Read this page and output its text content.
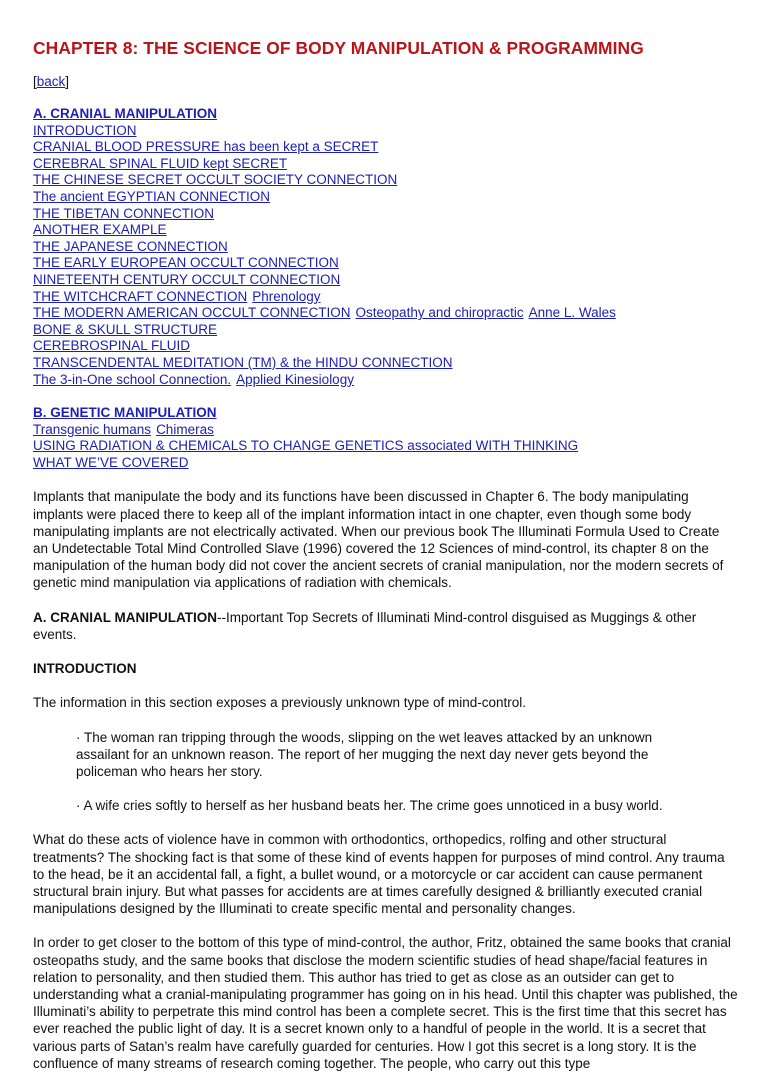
CHAPTER 8: THE SCIENCE OF BODY MANIPULATION & PROGRAMMING
[back]
A. CRANIAL MANIPULATION
INTRODUCTION
CRANIAL BLOOD PRESSURE has been kept a SECRET
CEREBRAL SPINAL FLUID kept SECRET
THE CHINESE SECRET OCCULT SOCIETY CONNECTION
The ancient EGYPTIAN CONNECTION
THE TIBETAN CONNECTION
ANOTHER EXAMPLE
THE JAPANESE CONNECTION
THE EARLY EUROPEAN OCCULT CONNECTION
NINETEENTH CENTURY OCCULT CONNECTION
THE WITCHCRAFT CONNECTION Phrenology
THE MODERN AMERICAN OCCULT CONNECTION Osteopathy and chiropractic Anne L. Wales
BONE & SKULL STRUCTURE
CEREBROSPINAL FLUID
TRANSCENDENTAL MEDITATION (TM) & the HINDU CONNECTION
The 3-in-One school Connection. Applied Kinesiology
B. GENETIC MANIPULATION
Transgenic humans Chimeras
USING RADIATION & CHEMICALS TO CHANGE GENETICS associated WITH THINKING
WHAT WE’VE COVERED

Implants that manipulate the body and its functions have been discussed in Chapter 6. The body manipulating implants were placed there to keep all of the implant information intact in one chapter, even though some body manipulating implants are not electrically activated. When our previous book The Illuminati Formula Used to Create an Undetectable Total Mind Controlled Slave (1996) covered the 12 Sciences of mind-control, its chapter 8 on the manipulation of the human body did not cover the ancient secrets of cranial manipulation, nor the modern secrets of genetic mind manipulation via applications of radiation with chemicals.

A. CRANIAL MANIPULATION--Important Top Secrets of Illuminati Mind-control disguised as Muggings & other events.

INTRODUCTION

The information in this section exposes a previously unknown type of mind-control.

· The woman ran tripping through the woods, slipping on the wet leaves attacked by an unknown assailant for an unknown reason. The report of her mugging the next day never gets beyond the policeman who hears her story.

· A wife cries softly to herself as her husband beats her. The crime goes unnoticed in a busy world.

What do these acts of violence have in common with orthodontics, orthopedics, rolfing and other structural treatments? The shocking fact is that some of these kind of events happen for purposes of mind control. Any trauma to the head, be it an accidental fall, a fight, a bullet wound, or a motorcycle or car accident can cause permanent structural brain injury. But what passes for accidents are at times carefully designed & brilliantly executed cranial manipulations designed by the Illuminati to create specific mental and personality changes.

In order to get closer to the bottom of this type of mind-control, the author, Fritz, obtained the same books that cranial osteopaths study, and the same books that disclose the modern scientific studies of head shape/facial features in relation to personality, and then studied them. This author has tried to get as close as an outsider can get to understanding what a cranial-manipulating programmer has going on in his head. Until this chapter was published, the Illuminati’s ability to perpetrate this mind control has been a complete secret. This is the first time that this secret has ever reached the public light of day. It is a secret known only to a handful of people in the world. It is a secret that various parts of Satan’s realm have carefully guarded for centuries. How I got this secret is a long story. It is the confluence of many streams of research coming together. The people, who carry out this type
